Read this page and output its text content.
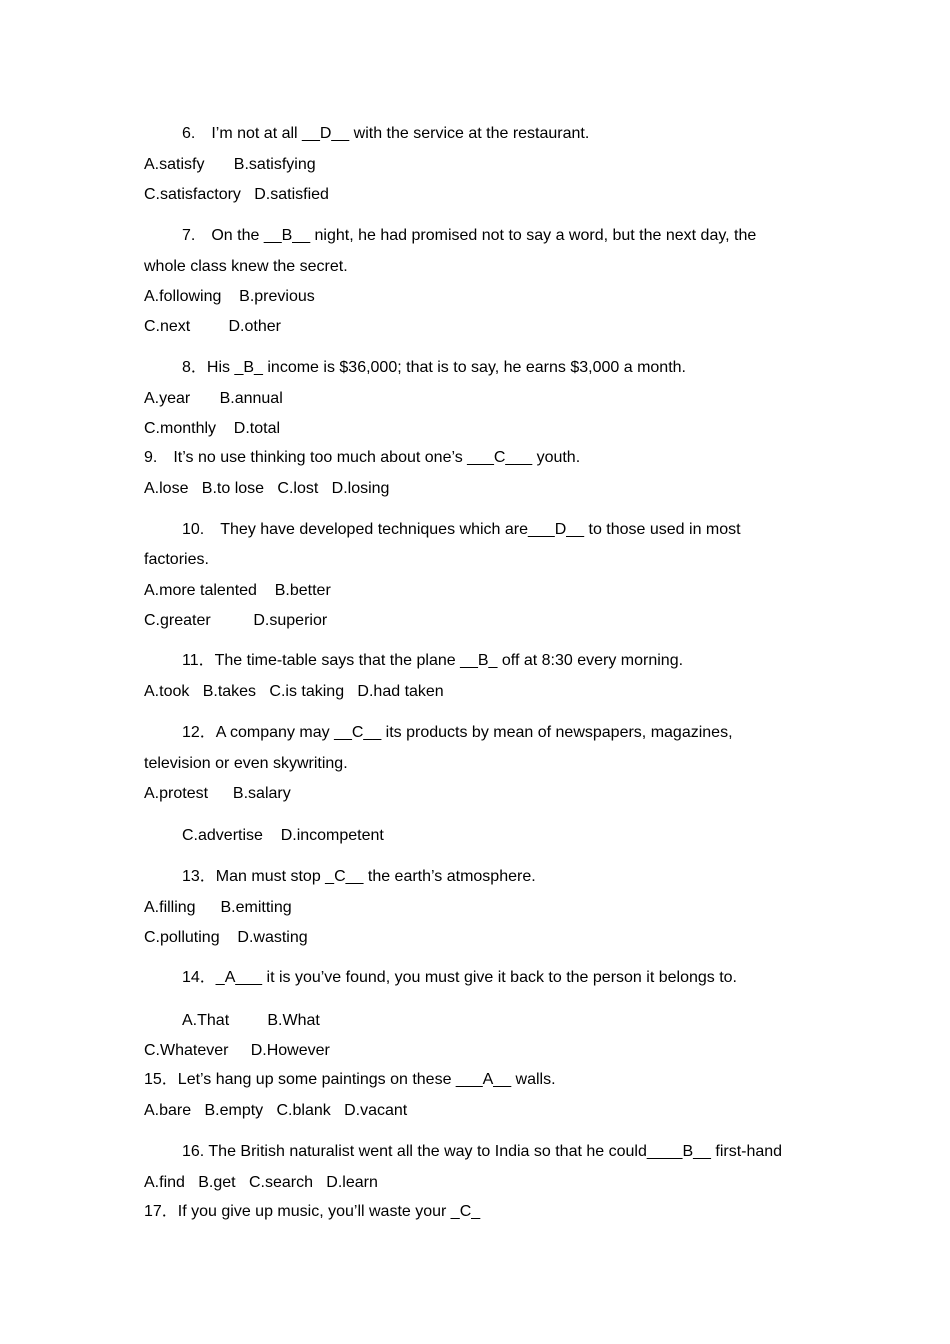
6.　I’m not at all __D__ with the service at the restaurant.
A.satisfy　   B.satisfying
C.satisfactory   D.satisfied
7.　On the __B__ night, he had promised not to say a word, but the next day, the
whole class knew the secret.
A.following    B.previous
C.next　     D.other
8．His _B_ income is $36,000; that is to say, he earns $3,000 a month.
A.year　   B.annual
C.monthly    D.total
9.　It’s no use thinking too much about one’s ___C___ youth.
A.lose   B.to lose   C.lost   D.losing
10.　They have developed techniques which are___D__ to those used in most
factories.
A.more talented    B.better
C.greater　      D.superior
11．The time-table says that the plane __B_ off at 8:30 every morning.
A.took   B.takes   C.is taking   D.had taken
12．A company may __C__ its products by mean of newspapers, magazines,
television or even skywriting.
A.protest　  B.salary
C.advertise    D.incompetent
13．Man must stop _C__ the earth’s atmosphere.
A.filling　  B.emitting
C.polluting    D.wasting
14．_A___ it is you’ve found, you must give it back to the person it belongs to.
A.That　     B.What
C.Whatever     D.However
15．Let’s hang up some paintings on these ___A__ walls.
A.bare   B.empty   C.blank   D.vacant
16. The British naturalist went all the way to India so that he could____B__ first-hand
A.find   B.get   C.search   D.learn
17．If you give up music, you’ll waste your _C_
